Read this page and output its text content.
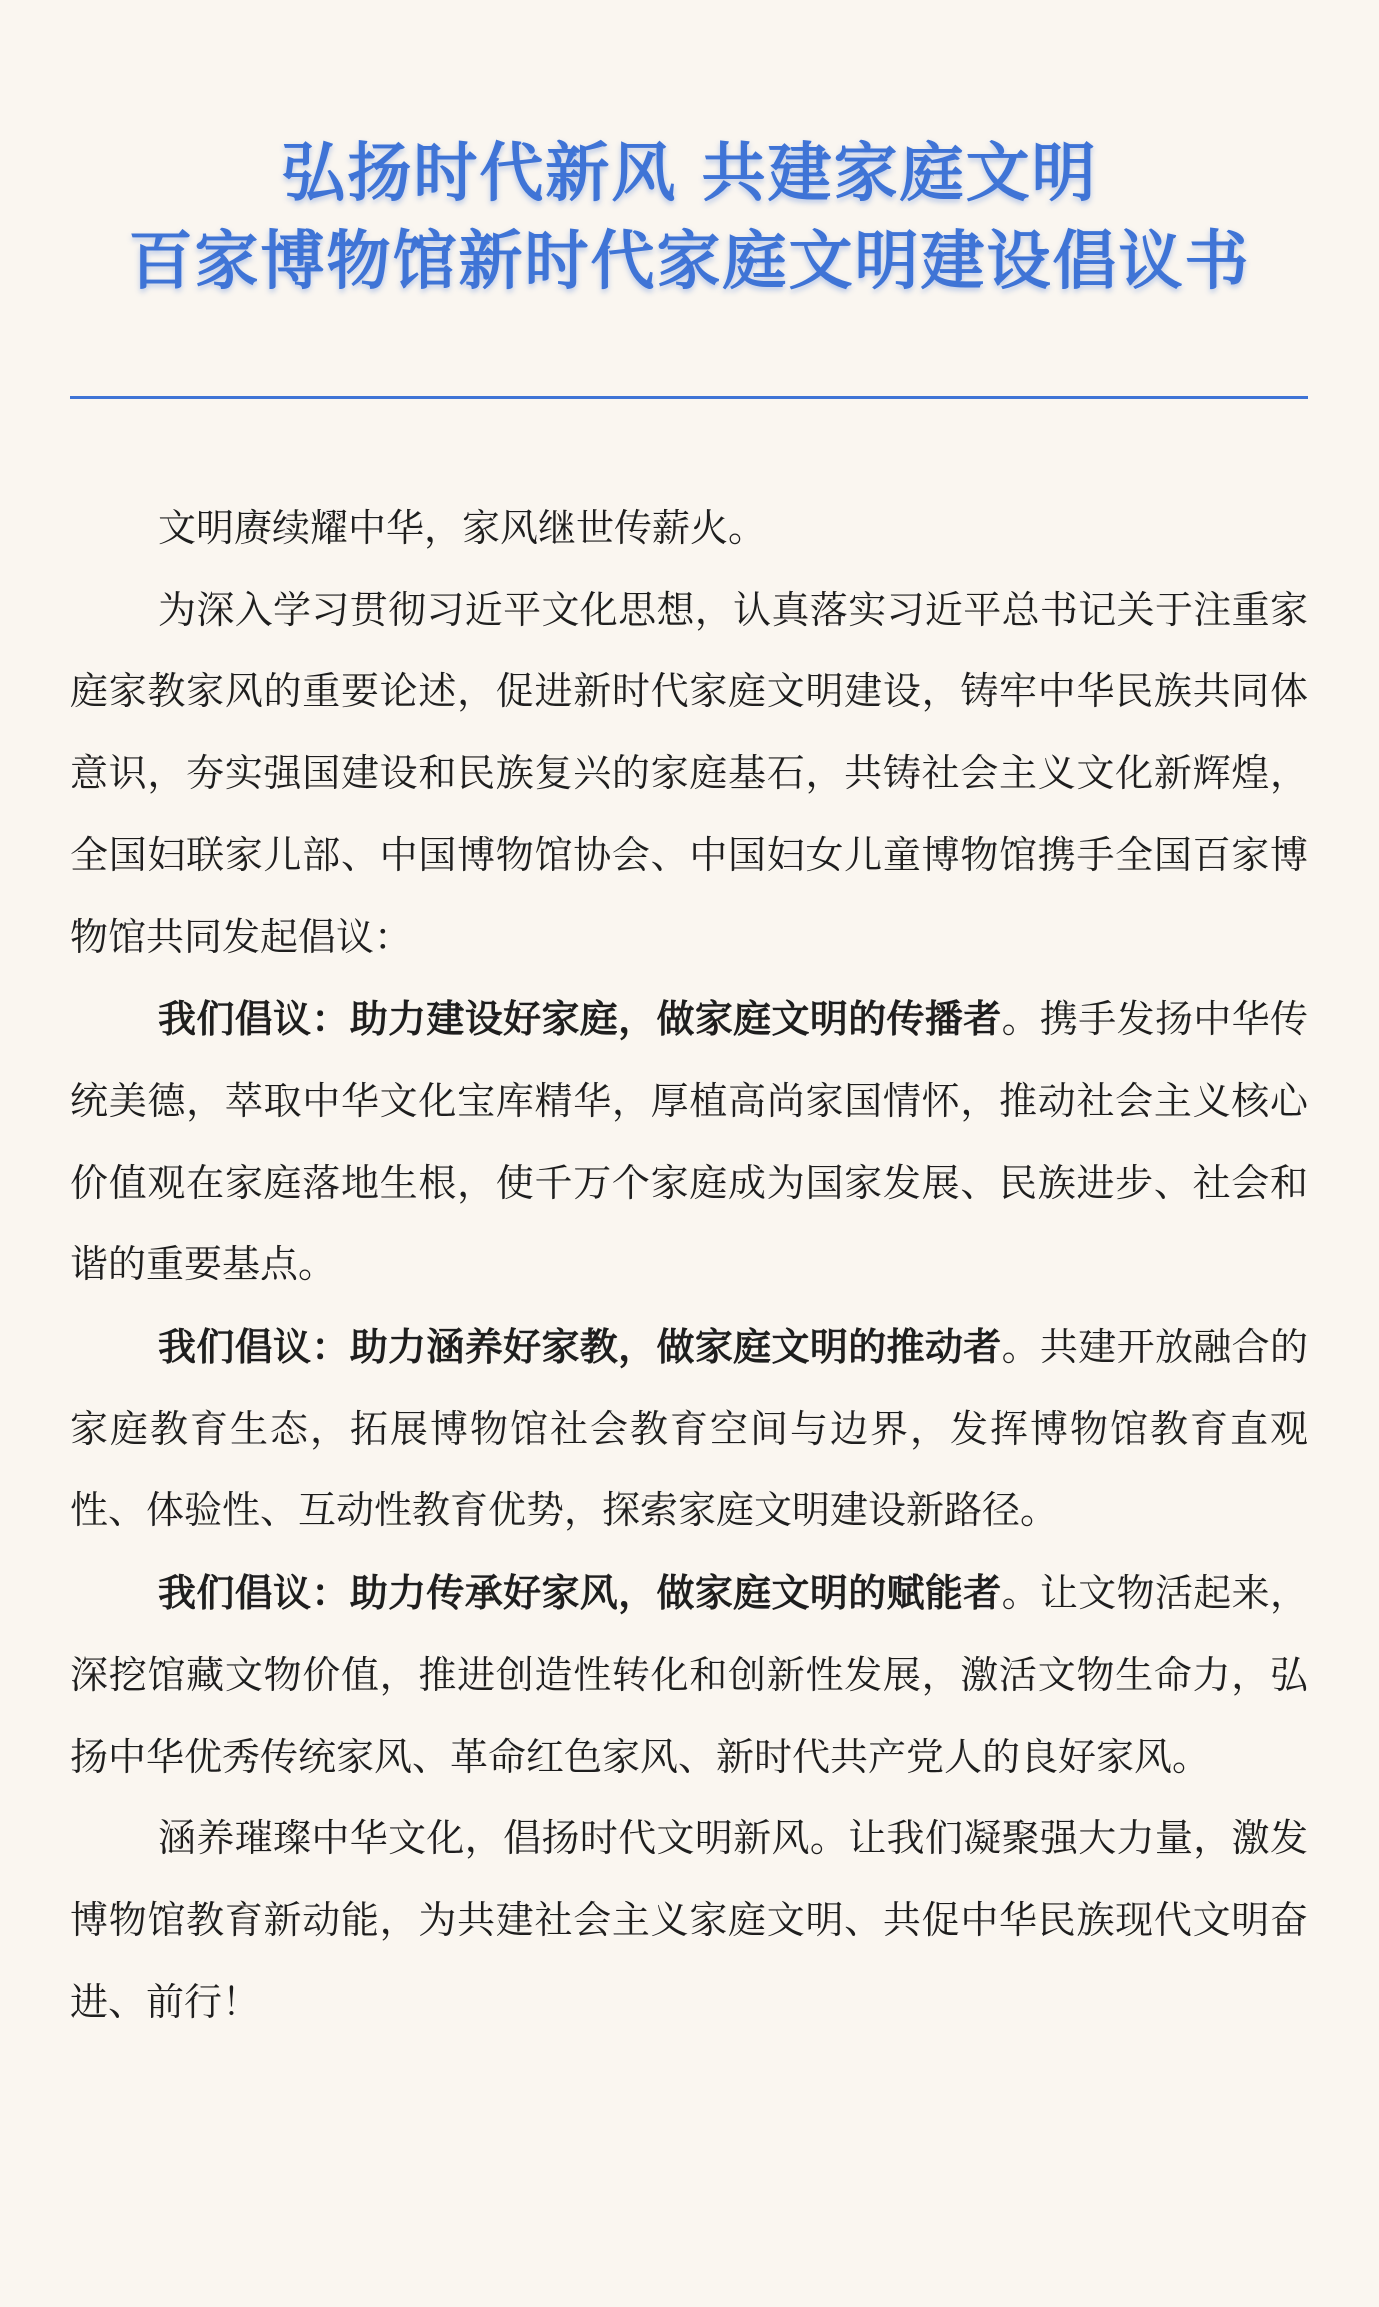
弘扬时代新风 共建家庭文明
百家博物馆新时代家庭文明建设倡议书

文明赓续耀中华，家风继世传薪火。

为深入学习贯彻习近平文化思想，认真落实习近平总书记关于注重家庭家教家风的重要论述，促进新时代家庭文明建设，铸牢中华民族共同体意识，夯实强国建设和民族复兴的家庭基石，共铸社会主义文化新辉煌，全国妇联家儿部、中国博物馆协会、中国妇女儿童博物馆携手全国百家博物馆共同发起倡议：

我们倡议：助力建设好家庭，做家庭文明的传播者。携手发扬中华传统美德，萃取中华文化宝库精华，厚植高尚家国情怀，推动社会主义核心价值观在家庭落地生根，使千万个家庭成为国家发展、民族进步、社会和谐的重要基点。

我们倡议：助力涵养好家教，做家庭文明的推动者。共建开放融合的家庭教育生态，拓展博物馆社会教育空间与边界，发挥博物馆教育直观性、体验性、互动性教育优势，探索家庭文明建设新路径。

我们倡议：助力传承好家风，做家庭文明的赋能者。让文物活起来，深挖馆藏文物价值，推进创造性转化和创新性发展，激活文物生命力，弘扬中华优秀传统家风、革命红色家风、新时代共产党人的良好家风。

涵养璀璨中华文化，倡扬时代文明新风。让我们凝聚强大力量，激发博物馆教育新动能，为共建社会主义家庭文明、共促中华民族现代文明奋进、前行！
